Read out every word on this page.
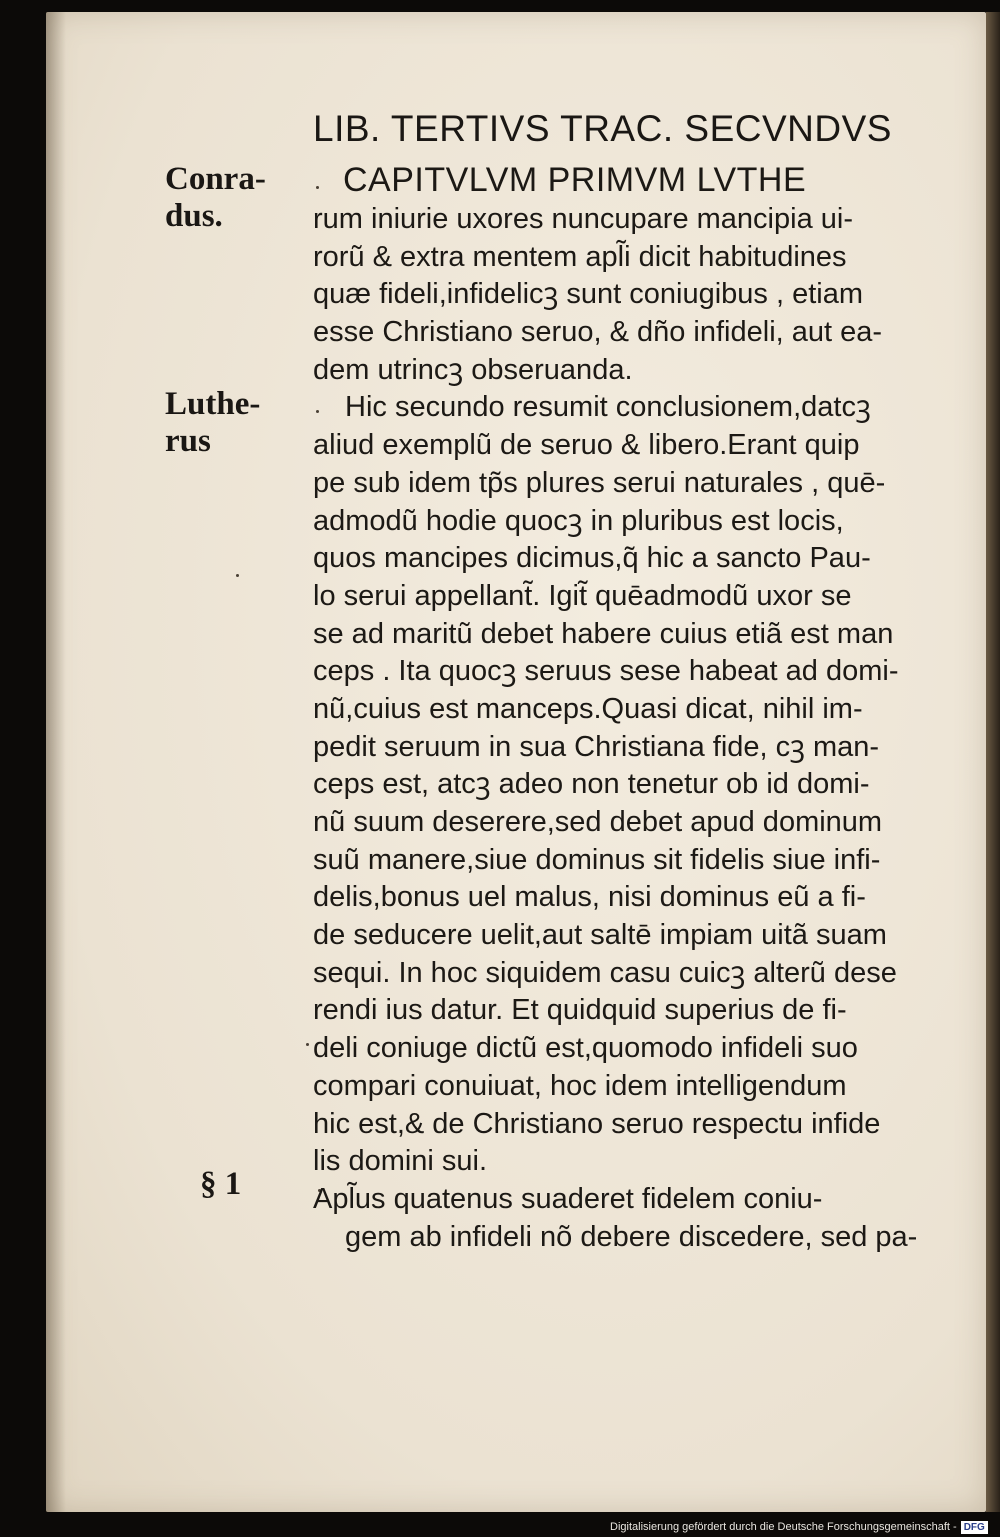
LIB. TERTIVS TRAC. SECVNDVS
Conra-
dus.
Luthe-
rus
§ 1
CAPITVLVM PRIMVM LVTHE
rum iniurie uxores nuncupare mancipia ui-
rorũ & extra mentem apl̃i dicit habitudines
quæ fideli,infidelicꝫ sunt coniugibus , etiam
esse Christiano seruo, & dño infideli, aut ea-
dem utrincꝫ obseruanda.
Hic secundo resumit conclusionem,datcꝫ
aliud exemplũ de seruo & libero.Erant quip
pe sub idem tp̃s plures serui naturales , quē-
admodũ hodie quocꝫ in pluribus est locis,
quos mancipes dicimus,q̃ hic a sancto Pau-
lo serui appellant̃. Igit̃ quēadmodũ uxor se
se ad maritũ debet habere cuius etiã est man
ceps . Ita quocꝫ seruus sese habeat ad domi-
nũ,cuius est manceps.Quasi dicat, nihil im-
pedit seruum in sua Christiana fide, cꝫ man-
ceps est, atcꝫ adeo non tenetur ob id domi-
nũ suum deserere,sed debet apud dominum
suũ manere,siue dominus sit fidelis siue infi-
delis,bonus uel malus, nisi dominus eũ a fi-
de seducere uelit,aut saltē impiam uitã suam
sequi. In hoc siquidem casu cuicꝫ alterũ dese
rendi ius datur. Et quidquid superius de fi-
deli coniuge dictũ est,quomodo infideli suo
compari conuiuat, hoc idem intelligendum
hic est,& de Christiano seruo respectu infide
lis domini sui.
Apl̃us quatenus suaderet fidelem coniu-
gem ab infideli nõ debere discedere, sed pa-
Digitalisierung gefördert durch die Deutsche Forschungsgemeinschaft - DFG
